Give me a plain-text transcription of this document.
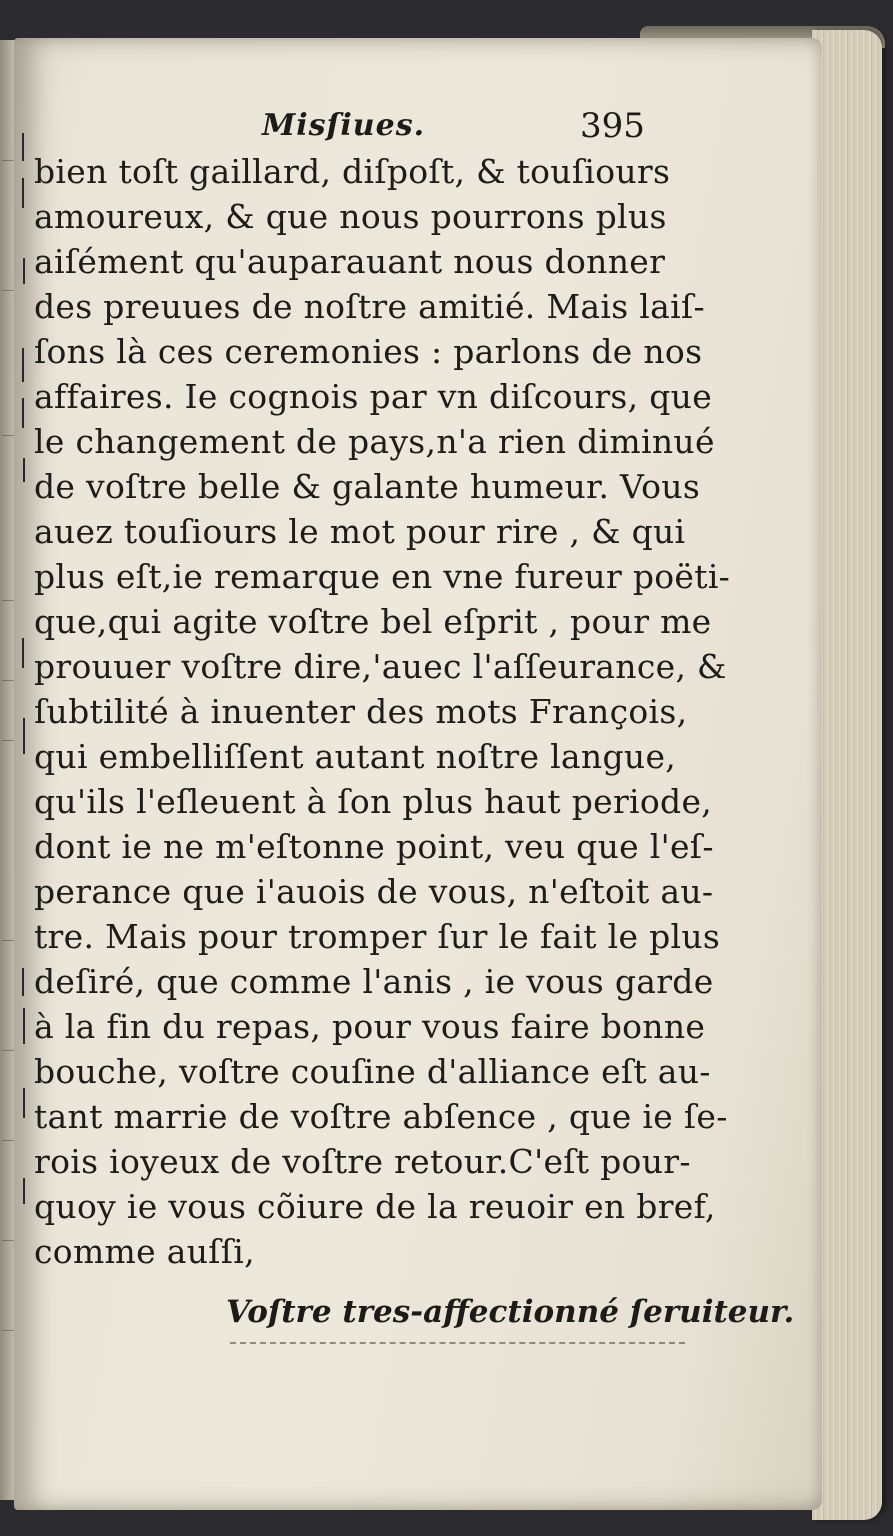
Misſiues.	395
bien toſt gaillard, diſpoſt, & touſiours
amoureux, & que nous pourrons plus
aiſément qu'auparauant nous donner
des preuues de noſtre amitié. Mais laiſ-
ſons là ces ceremonies : parlons de nos
affaires. Ie cognois par vn diſcours, que
le changement de pays,n'a rien diminué
de voſtre belle & galante humeur. Vous
auez touſiours le mot pour rire , & qui
plus eſt,ie remarque en vne fureur poëti-
que,qui agite voſtre bel eſprit , pour me
prouuer voſtre dire,'auec l'aſſeurance, &
ſubtilité à inuenter des mots François,
qui embelliſſent autant noſtre langue,
qu'ils l'eſleuent à ſon plus haut periode,
dont ie ne m'eſtonne point, veu que l'eſ-
perance que i'auois de vous, n'eſtoit au-
tre. Mais pour tromper ſur le fait le plus
deſiré, que comme l'anis , ie vous garde
à la fin du repas, pour vous faire bonne
bouche, voſtre couſine d'alliance eſt au-
tant marrie de voſtre abſence , que ie ſe-
rois ioyeux de voſtre retour.C'eſt pour-
quoy ie vous cõiure de la reuoir en bref,
comme auſſi,
Voſtre tres-affectionné ſeruiteur.
